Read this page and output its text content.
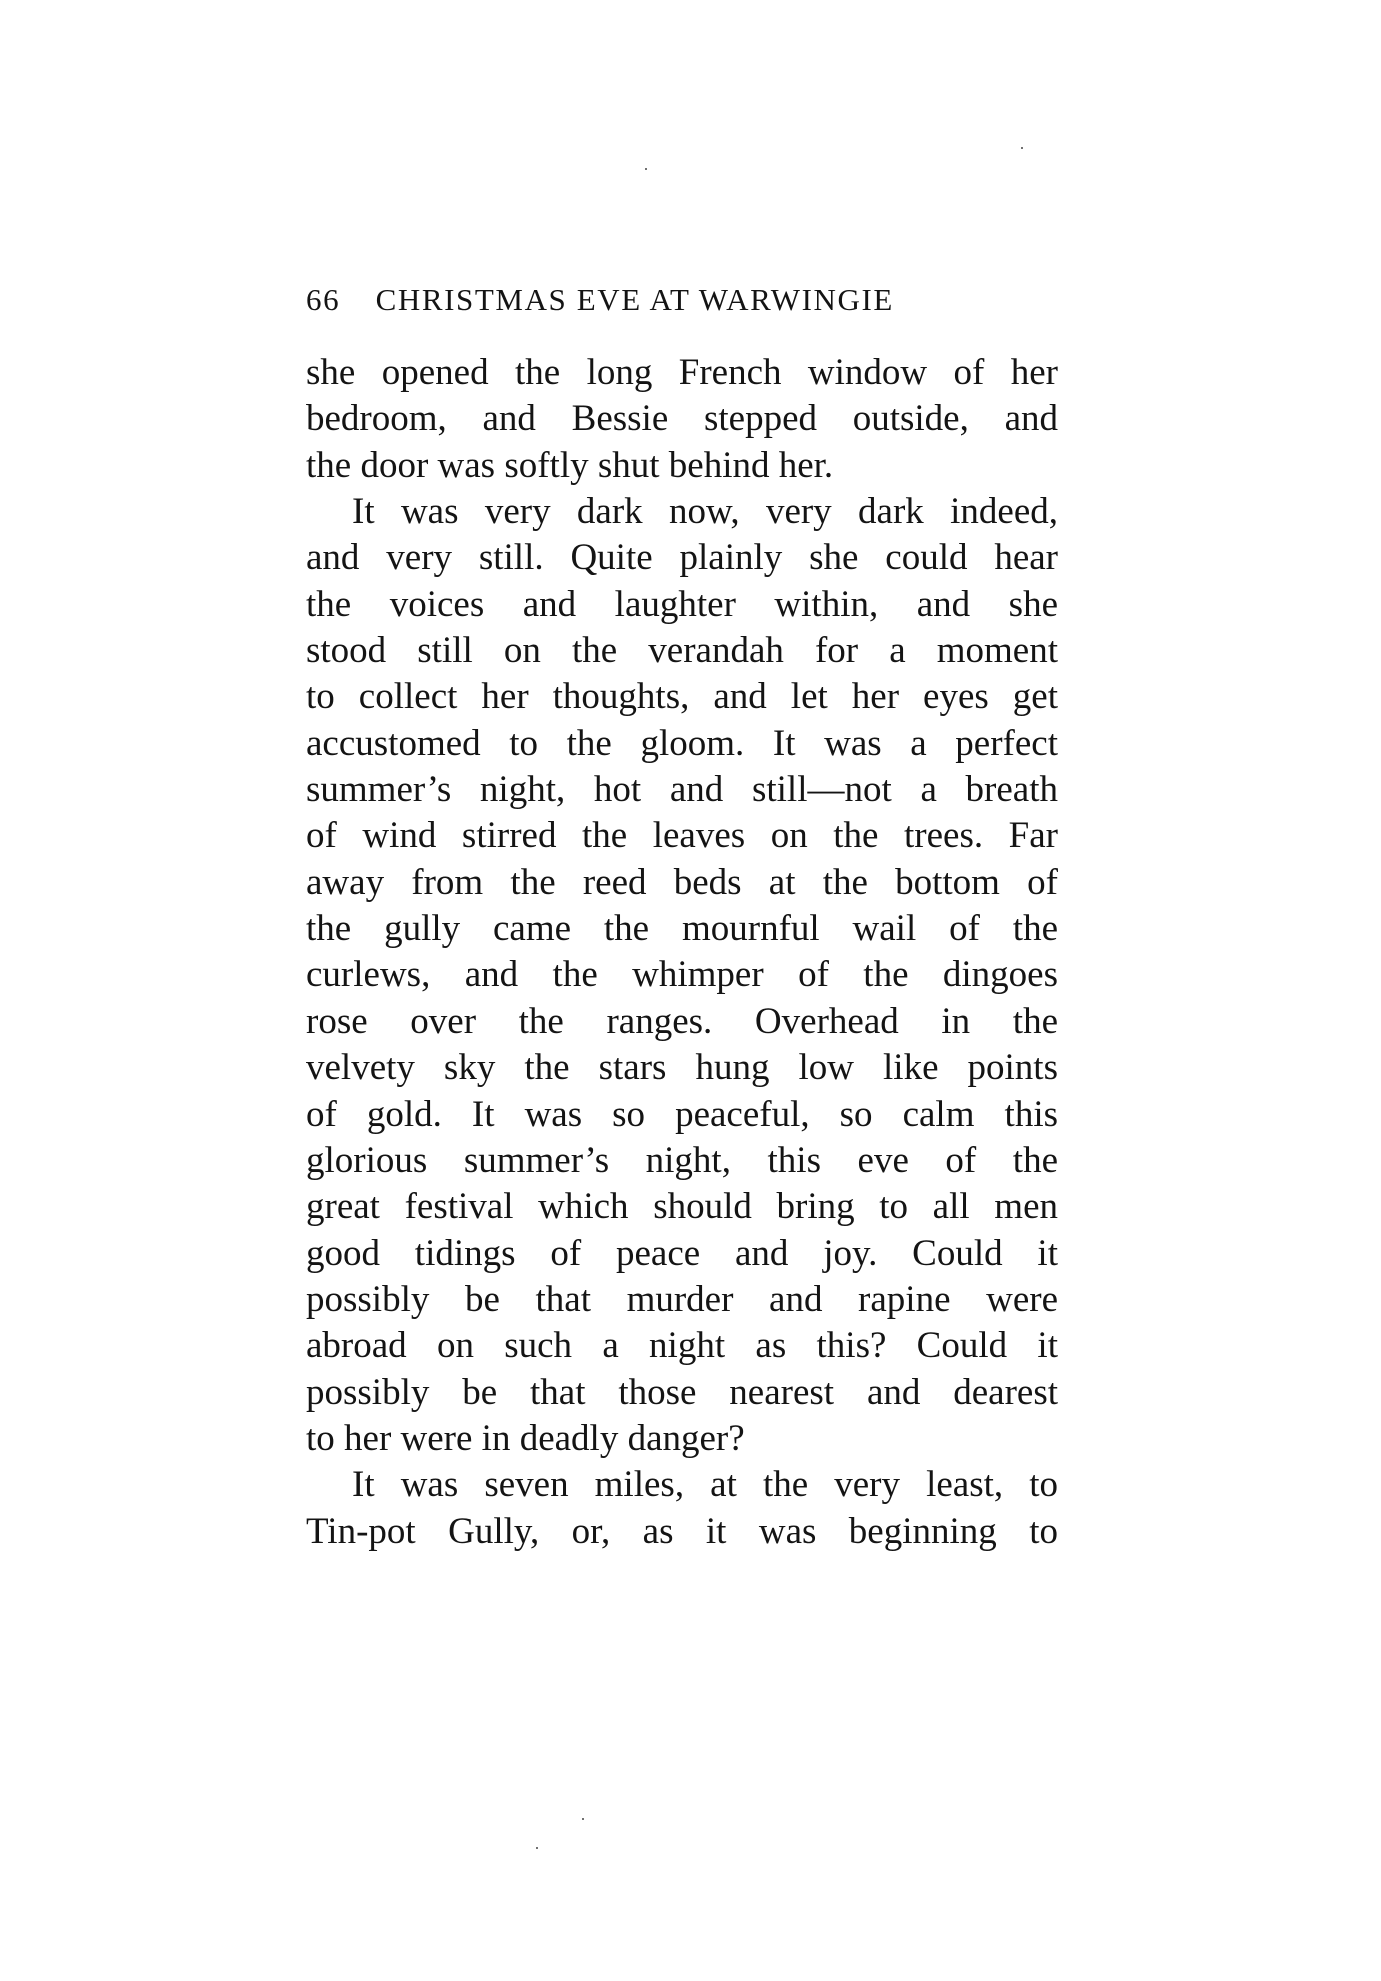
66 CHRISTMAS EVE AT WARWINGIE
she opened the long French window of her
bedroom, and Bessie stepped outside, and
the door was softly shut behind her.
It was very dark now, very dark indeed,
and very still. Quite plainly she could hear
the voices and laughter within, and she
stood still on the verandah for a moment
to collect her thoughts, and let her eyes get
accustomed to the gloom. It was a perfect
summer’s night, hot and still—not a breath
of wind stirred the leaves on the trees. Far
away from the reed beds at the bottom of
the gully came the mournful wail of the
curlews, and the whimper of the dingoes
rose over the ranges. Overhead in the
velvety sky the stars hung low like points
of gold. It was so peaceful, so calm this
glorious summer’s night, this eve of the
great festival which should bring to all men
good tidings of peace and joy. Could it
possibly be that murder and rapine were
abroad on such a night as this? Could it
possibly be that those nearest and dearest
to her were in deadly danger?
It was seven miles, at the very least, to
Tin-pot Gully, or, as it was beginning to
